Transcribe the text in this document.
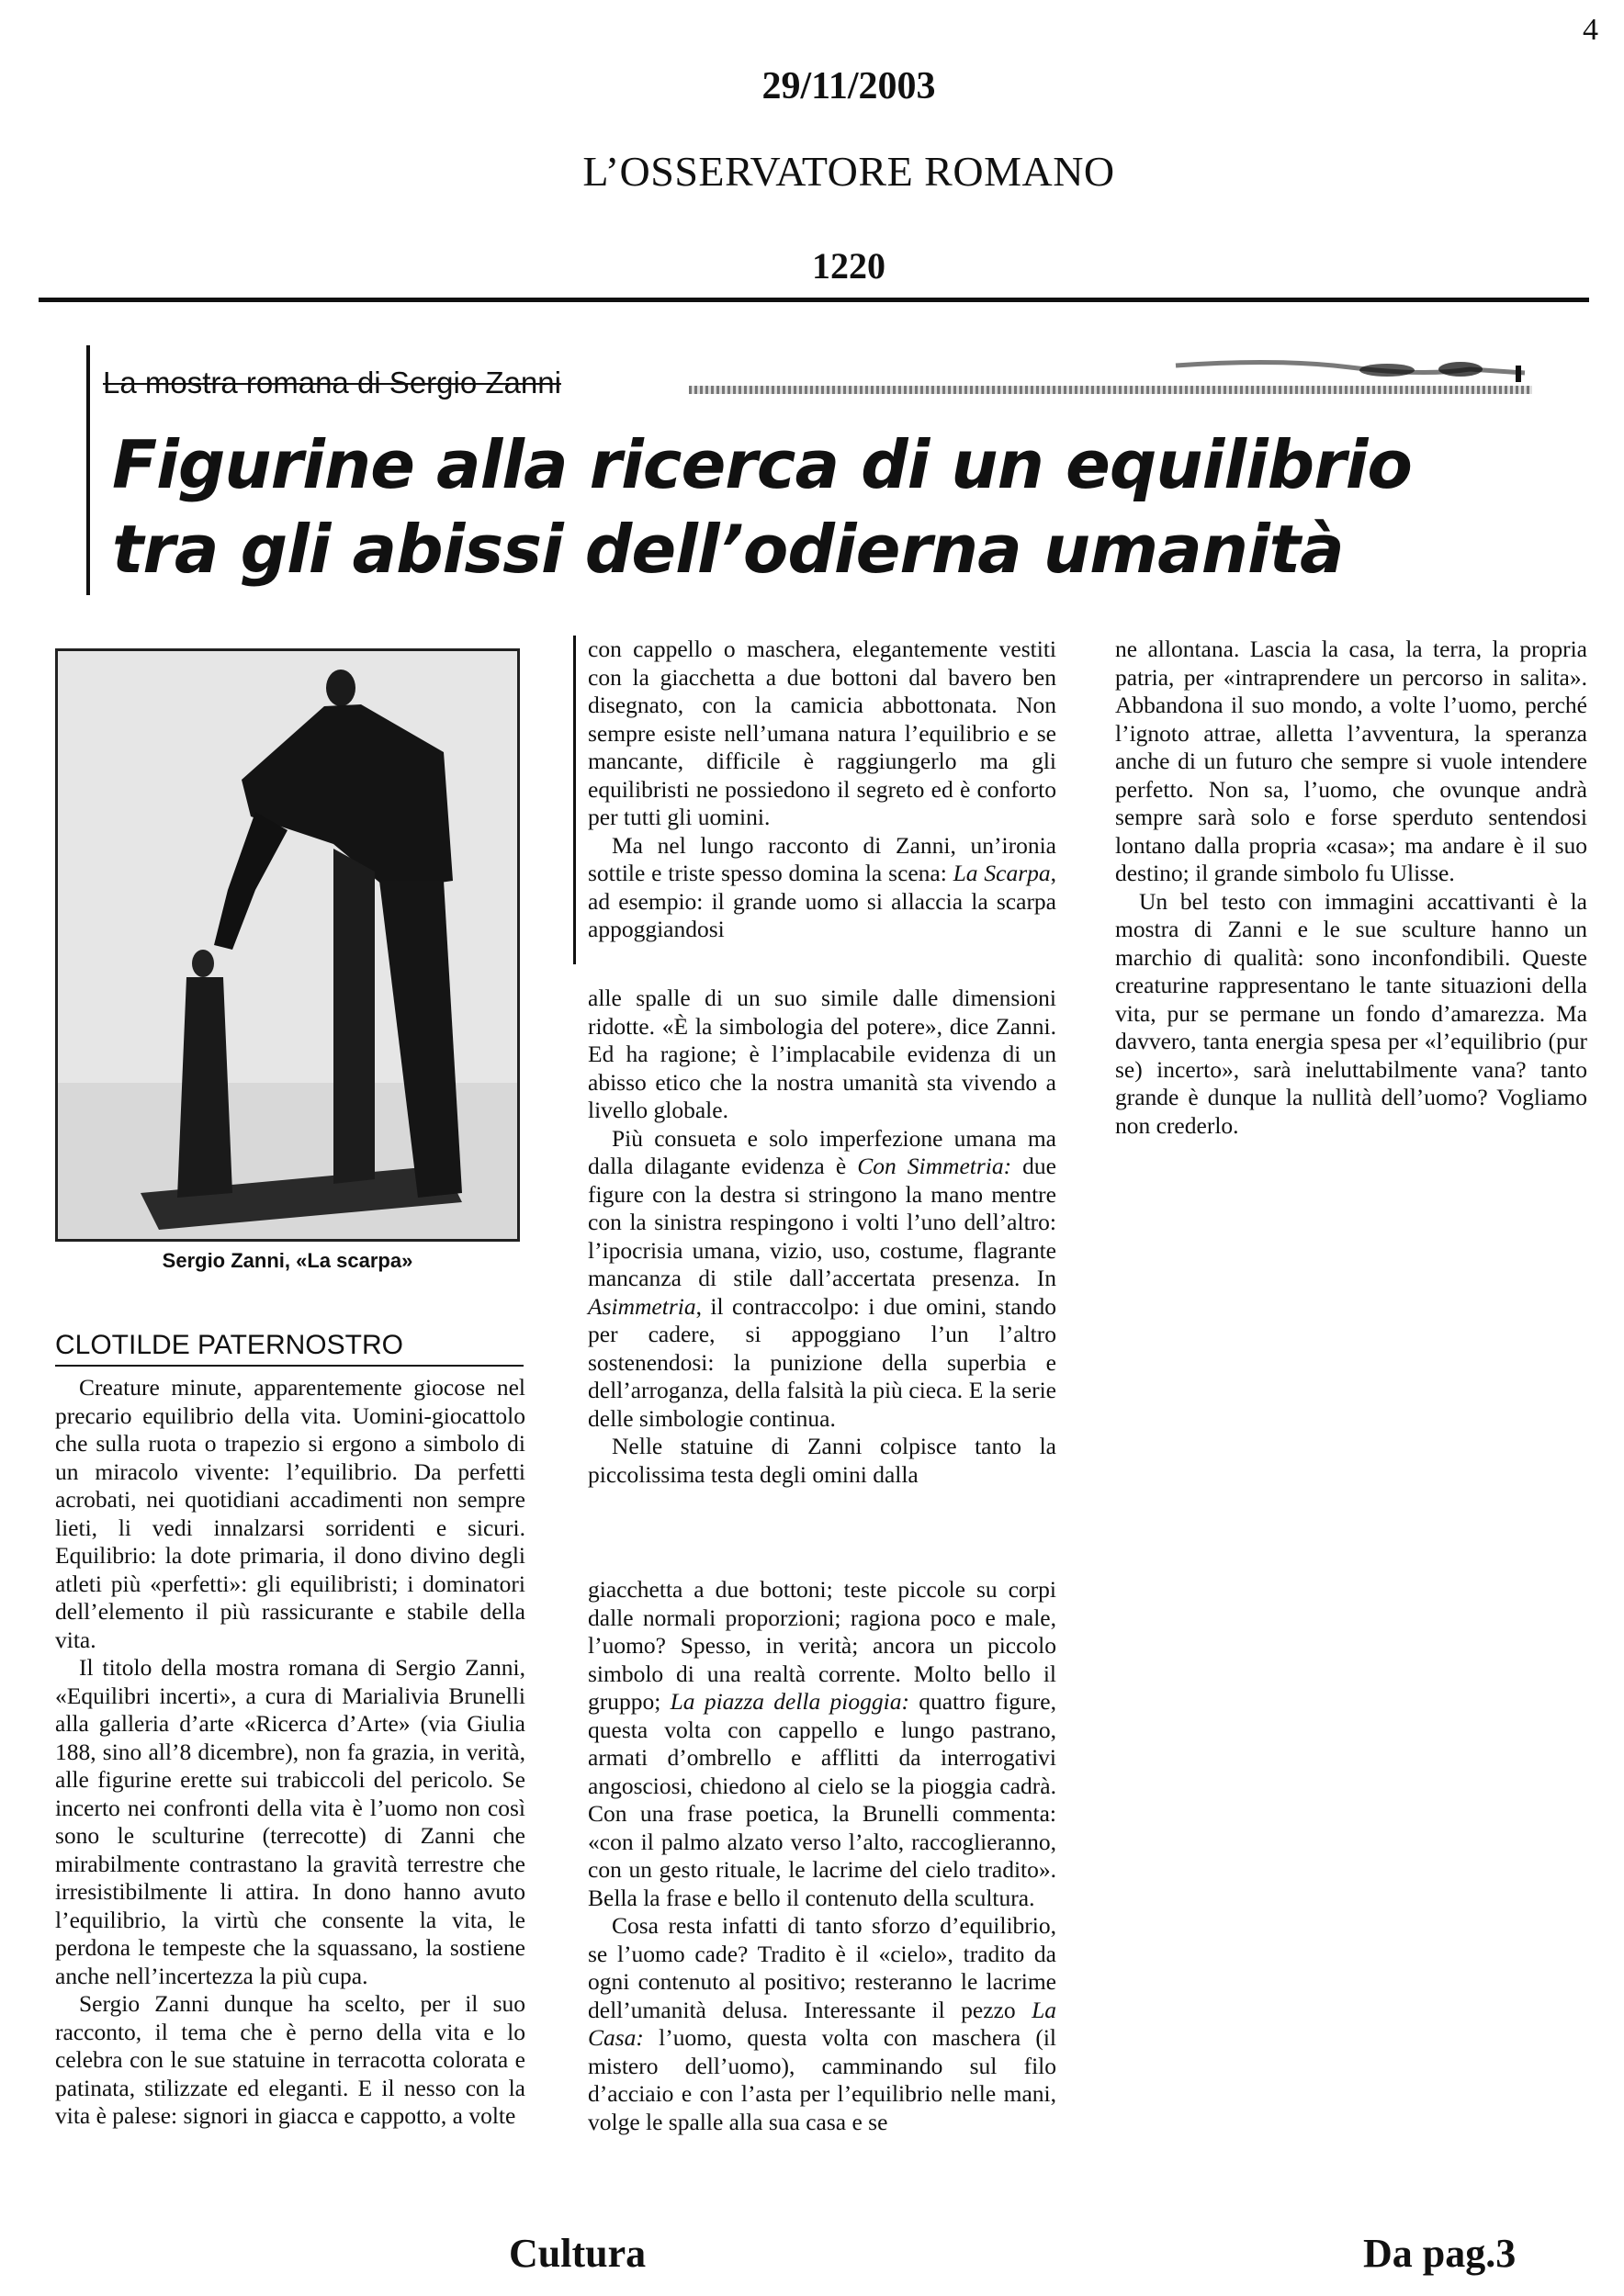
4
29/11/2003
L’OSSERVATORE ROMANO
1220
La mostra romana di Sergio Zanni
Figurine alla ricerca di un equilibrio
tra gli abissi dell’odierna umanità
Sergio Zanni, «La scarpa»
CLOTILDE PATERNOSTRO

Creature minute, apparentemente giocose nel precario equilibrio della vita. Uomini-giocattolo che sulla ruota o trapezio si ergono a simbolo di un miracolo vivente: l’equilibrio. Da perfetti acrobati, nei quotidiani accadimenti non sempre lieti, li vedi innalzarsi sorridenti e sicuri. Equilibrio: la dote primaria, il dono divino degli atleti più «perfetti»: gli equilibristi; i dominatori dell’elemento il più rassicurante e stabile della vita.

Il titolo della mostra romana di Sergio Zanni, «Equilibri incerti», a cura di Marialivia Brunelli alla galleria d’arte «Ricerca d’Arte» (via Giulia 188, sino all’8 dicembre), non fa grazia, in verità, alle figurine erette sui trabiccoli del pericolo. Se incerto nei confronti della vita è l’uomo non così sono le sculturine (terrecotte) di Zanni che mirabilmente contrastano la gravità terrestre che irresistibilmente li attira. In dono hanno avuto l’equilibrio, la virtù che consente la vita, le perdona le tempeste che la squassano, la sostiene anche nell’incertezza la più cupa.

Sergio Zanni dunque ha scelto, per il suo racconto, il tema che è perno della vita e lo celebra con le sue statuine in terracotta colorata e patinata, stilizzate ed eleganti. E il nesso con la vita è palese: signori in giacca e cappotto, a volte

con cappello o maschera, elegantemente vestiti con la giacchetta a due bottoni dal bavero ben disegnato, con la camicia abbottonata. Non sempre esiste nell’umana natura l’equilibrio e se mancante, difficile è raggiungerlo ma gli equilibristi ne possiedono il segreto ed è conforto per tutti gli uomini.

Ma nel lungo racconto di Zanni, un’ironia sottile e triste spesso domina la scena: La Scarpa, ad esempio: il grande uomo si allaccia la scarpa appoggiandosi

alle spalle di un suo simile dalle dimensioni ridotte. «È la simbologia del potere», dice Zanni. Ed ha ragione; è l’implacabile evidenza di un abisso etico che la nostra umanità sta vivendo a livello globale.

Più consueta e solo imperfezione umana ma dalla dilagante evidenza è Con Simmetria: due figure con la destra si stringono la mano mentre con la sinistra respingono i volti l’uno dell’altro: l’ipocrisia umana, vizio, uso, costume, flagrante mancanza di stile dall’accertata presenza. In Asimmetria, il contraccolpo: i due omini, stando per cadere, si appoggiano l’un l’altro sostenendosi: la punizione della superbia e dell’arroganza, della falsità la più cieca. E la serie delle simbologie continua.

Nelle statuine di Zanni colpisce tanto la piccolissima testa degli omini dalla

giacchetta a due bottoni; teste piccole su corpi dalle normali proporzioni; ragiona poco e male, l’uomo? Spesso, in verità; ancora un piccolo simbolo di una realtà corrente. Molto bello il gruppo; La piazza della pioggia: quattro figure, questa volta con cappello e lungo pastrano, armati d’ombrello e afflitti da interrogativi angosciosi, chiedono al cielo se la pioggia cadrà. Con una frase poetica, la Brunelli commenta: «con il palmo alzato verso l’alto, raccoglieranno, con un gesto rituale, le lacrime del cielo tradito». Bella la frase e bello il contenuto della scultura.

Cosa resta infatti di tanto sforzo d’equilibrio, se l’uomo cade? Tradito è il «cielo», tradito da ogni contenuto al positivo; resteranno le lacrime dell’umanità delusa. Interessante il pezzo La Casa: l’uomo, questa volta con maschera (il mistero dell’uomo), camminando sul filo d’acciaio e con l’asta per l’equilibrio nelle mani, volge le spalle alla sua casa e se

ne allontana. Lascia la casa, la terra, la propria patria, per «intraprendere un percorso in salita». Abbandona il suo mondo, a volte l’uomo, perché l’ignoto attrae, alletta l’avventura, la speranza anche di un futuro che sempre si vuole intendere perfetto. Non sa, l’uomo, che ovunque andrà sempre sarà solo e forse sperduto sentendosi lontano dalla propria «casa»; ma andare è il suo destino; il grande simbolo fu Ulisse.

Un bel testo con immagini accattivanti è la mostra di Zanni e le sue sculture hanno un marchio di qualità: sono inconfondibili. Queste creaturine rappresentano le tante situazioni della vita, pur se permane un fondo d’amarezza. Ma davvero, tanta energia spesa per «l’equilibrio (pur se) incerto», sarà ineluttabilmente vana? tanto grande è dunque la nullità dell’uomo? Vogliamo non crederlo.

Cultura	Da pag.3
